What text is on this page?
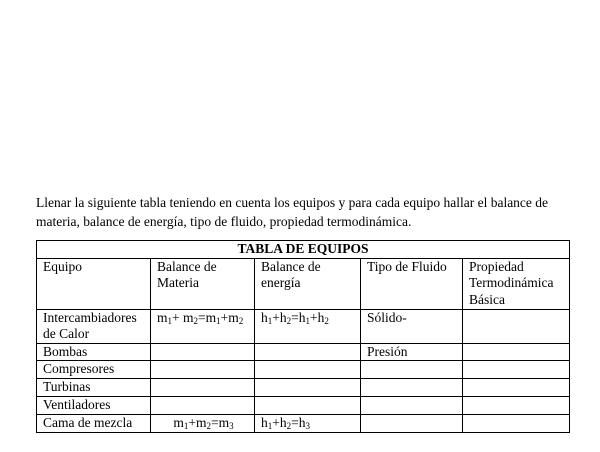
Llenar la siguiente tabla teniendo en cuenta los equipos y para cada equipo hallar el balance de materia, balance de energía, tipo de fluido, propiedad termodinámica.

TABLA DE EQUIPOS				
Equipo	Balance de Materia	Balance de energía	Tipo de Fluido	Propiedad Termodinámica Básica
Intercambiadores de Calor	$m_1+ m_2=m_1+m_2$	$h_1+h_2=h_1+h_2$	Sólido-	
Bombas			Presión	
Compresores				
Turbinas				
Ventiladores				
Cama de mezcla	$m_1+m_2=m_3$	$h_1+h_2=h_3$		
